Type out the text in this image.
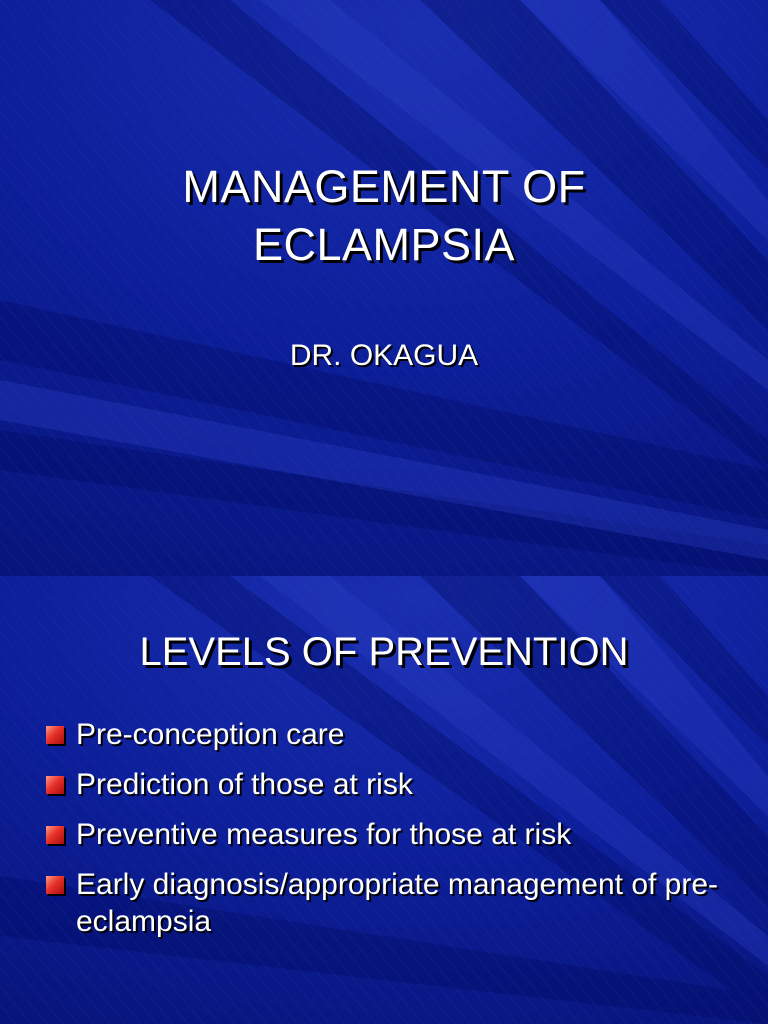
MANAGEMENT OF
ECLAMPSIA
DR. OKAGUA
LEVELS OF PREVENTION
Pre-conception care
Prediction of those at risk
Preventive measures for those at risk
Early diagnosis/appropriate management of pre-eclampsia
